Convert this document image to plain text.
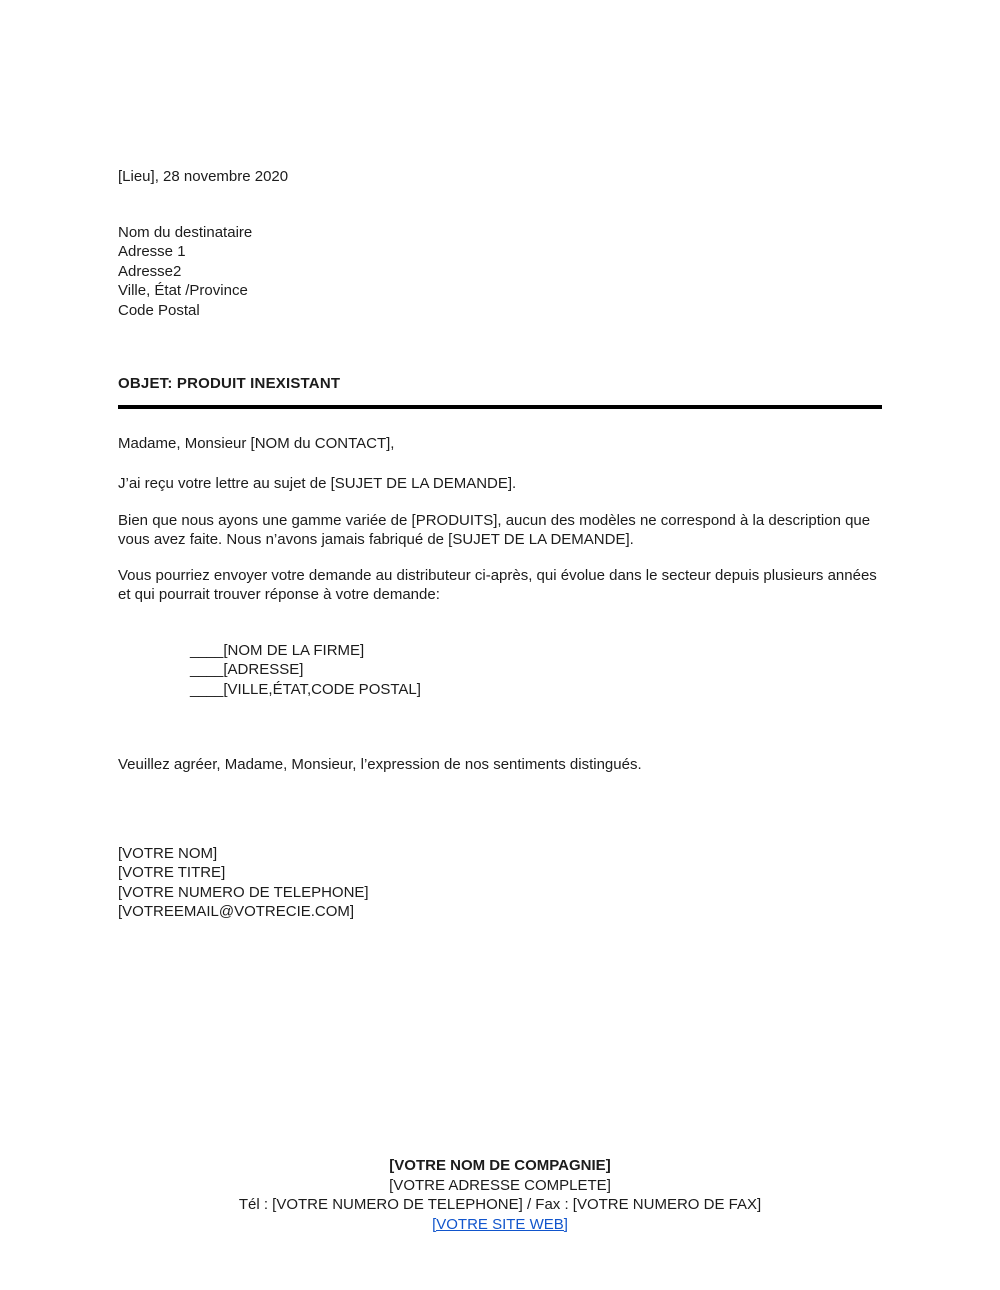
[Lieu], 28 novembre 2020

Nom du destinataire
Adresse 1
Adresse2
Ville, État /Province
Code Postal

OBJET: PRODUIT INEXISTANT

Madame, Monsieur [NOM du CONTACT],

J’ai reçu votre lettre au sujet de [SUJET DE LA DEMANDE].

Bien que nous ayons une gamme variée de [PRODUITS], aucun des modèles ne correspond à la description que vous avez faite. Nous n’avons jamais fabriqué de [SUJET DE LA DEMANDE].

Vous pourriez envoyer votre demande au distributeur ci-après, qui évolue dans le secteur depuis plusieurs années et qui pourrait trouver réponse à votre demande:

____[NOM DE LA FIRME]
____[ADRESSE]
____[VILLE,ÉTAT,CODE POSTAL]

Veuillez agréer, Madame, Monsieur, l’expression de nos sentiments distingués.

[VOTRE NOM]
[VOTRE TITRE]
[VOTRE NUMERO DE TELEPHONE]
[VOTREEMAIL@VOTRECIE.COM]
[VOTRE NOM DE COMPAGNIE]
[VOTRE ADRESSE COMPLETE]
Tél : [VOTRE NUMERO DE TELEPHONE] / Fax : [VOTRE NUMERO DE FAX]
[VOTRE SITE WEB]
